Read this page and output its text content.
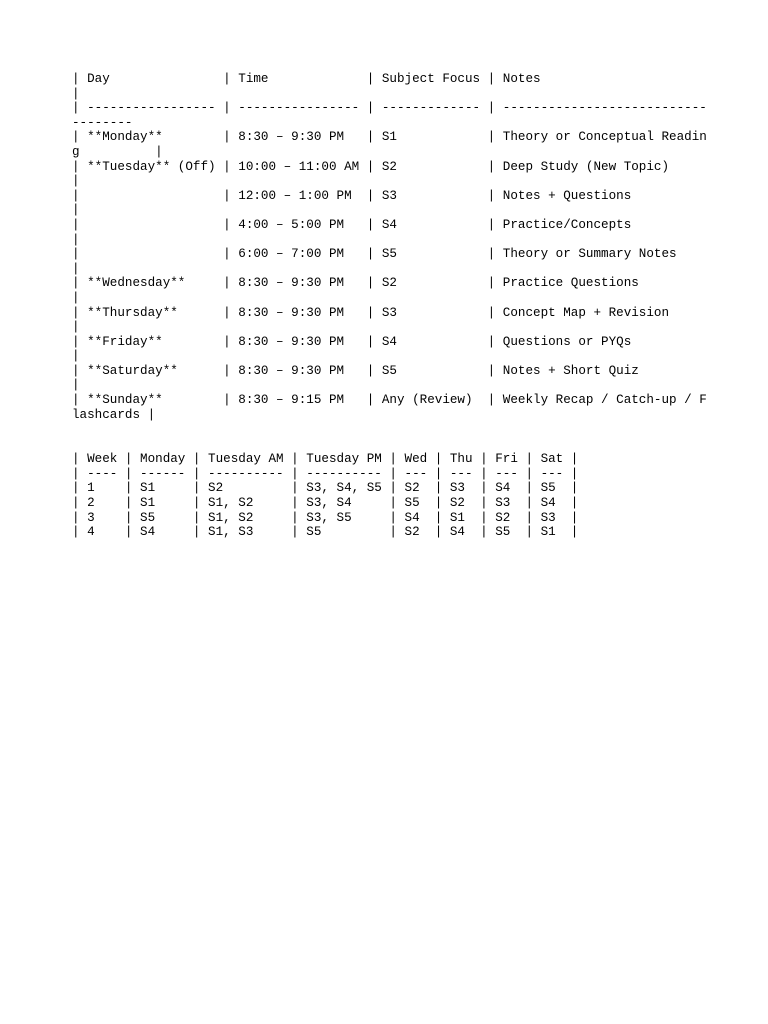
| Day               | Time             | Subject Focus | Notes
|
| ----------------- | ---------------- | ------------- | -----------------------------------
| **Monday**        | 8:30 – 9:30 PM   | S1            | Theory or Conceptual Reading          |
| **Tuesday** (Off) | 10:00 – 11:00 AM | S2            | Deep Study (New Topic)
|
|                   | 12:00 – 1:00 PM  | S3            | Notes + Questions
|
|                   | 4:00 – 5:00 PM   | S4            | Practice/Concepts
|
|                   | 6:00 – 7:00 PM   | S5            | Theory or Summary Notes
|
| **Wednesday**     | 8:30 – 9:30 PM   | S2            | Practice Questions
|
| **Thursday**      | 8:30 – 9:30 PM   | S3            | Concept Map + Revision
|
| **Friday**        | 8:30 – 9:30 PM   | S4            | Questions or PYQs
|
| **Saturday**      | 8:30 – 9:30 PM   | S5            | Notes + Short Quiz
|
| **Sunday**        | 8:30 – 9:15 PM   | Any (Review)  | Weekly Recap / Catch-up / Flashcards |
| Week | Monday | Tuesday AM | Tuesday PM | Wed | Thu | Fri | Sat |
| ---- | ------ | ---------- | ---------- | --- | --- | --- | --- |
| 1    | S1     | S2         | S3, S4, S5 | S2  | S3  | S4  | S5  |
| 2    | S1     | S1, S2     | S3, S4     | S5  | S2  | S3  | S4  |
| 3    | S5     | S1, S2     | S3, S5     | S4  | S1  | S2  | S3  |
| 4    | S4     | S1, S3     | S5         | S2  | S4  | S5  | S1  |
